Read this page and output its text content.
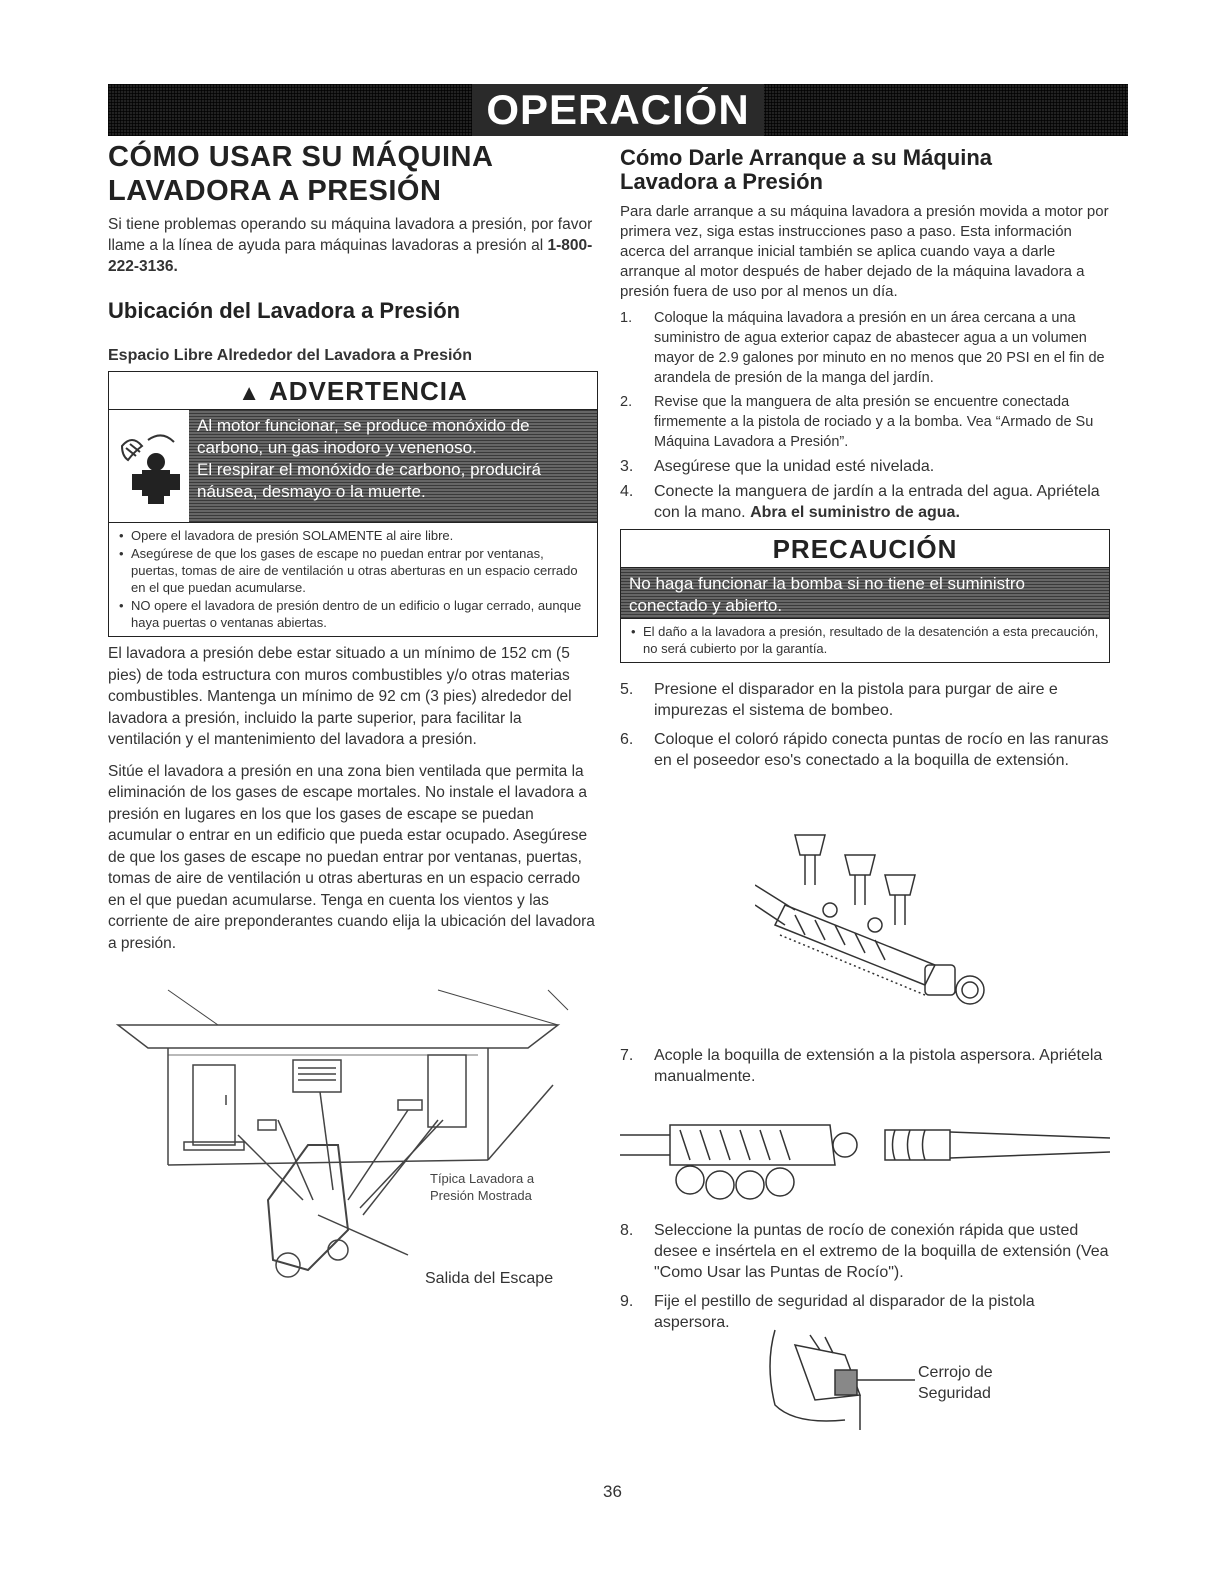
OPERACIÓN
CÓMO USAR SU MÁQUINA
LAVADORA A PRESIÓN
Si tiene problemas operando su máquina lavadora a presión, por favor llame a la línea de ayuda para máquinas lavadoras a presión al 1-800-222-3136.
Ubicación del Lavadora a Presión
Espacio Libre Alrededor del Lavadora a Presión
▲ ADVERTENCIA
Al motor funcionar, se produce monóxido de carbono, un gas inodoro y venenoso.
El respirar el monóxido de carbono, producirá náusea, desmayo o la muerte.
• Opere el lavadora de presión SOLAMENTE al aire libre.
• Asegúrese de que los gases de escape no puedan entrar por ventanas, puertas, tomas de aire de ventilación u otras aberturas en un espacio cerrado en el que puedan acumularse.
• NO opere el lavadora de presión dentro de un edificio o lugar cerrado, aunque haya puertas o ventanas abiertas.
El lavadora a presión debe estar situado a un mínimo de 152 cm (5 pies) de toda estructura con muros combustibles y/o otras materias combustibles. Mantenga un mínimo de 92 cm (3 pies) alrededor del lavadora a presión, incluido la parte superior, para facilitar la ventilación y el mantenimiento del lavadora a presión.
Sitúe el lavadora a presión en una zona bien ventilada que permita la eliminación de los gases de escape mortales. No instale el lavadora a presión en lugares en los que los gases de escape se puedan acumular o entrar en un edificio que pueda estar ocupado. Asegúrese de que los gases de escape no puedan entrar por ventanas, puertas, tomas de aire de ventilación u otras aberturas en un espacio cerrado en el que puedan acumularse. Tenga en cuenta los vientos y las corriente de aire preponderantes cuando elija la ubicación del lavadora a presión.
Típica Lavadora a
Presión Mostrada
Salida del Escape
Cómo Darle Arranque a su Máquina
Lavadora a Presión
Para darle arranque a su máquina lavadora a presión movida a motor por primera vez, siga estas instrucciones paso a paso. Esta información acerca del arranque inicial también se aplica cuando vaya a darle arranque al motor después de haber dejado de la máquina lavadora a presión fuera de uso por al menos un día.
1. Coloque la máquina lavadora a presión en un área cercana a una suministro de agua exterior capaz de abastecer agua a un volumen mayor de 2.9 galones por minuto en no menos que 20 PSI en el fin de arandela de presión de la manga del jardín.
2. Revise que la manguera de alta presión se encuentre conectada firmemente a la pistola de rociado y a la bomba. Vea “Armado de Su Máquina Lavadora a Presión”.
3. Asegúrese que la unidad esté nivelada.
4. Conecte la manguera de jardín a la entrada del agua. Apriétela con la mano. Abra el suministro de agua.
PRECAUCIÓN
No haga funcionar la bomba si no tiene el suministro conectado y abierto.
• El daño a la lavadora a presión, resultado de la desatención a esta precaución, no será cubierto por la garantía.
5. Presione el disparador en la pistola para purgar de aire e impurezas el sistema de bombeo.
6. Coloque el coloró rápido conecta puntas de rocío en las ranuras en el poseedor eso's conectado a la boquilla de extensión.
7. Acople la boquilla de extensión a la pistola aspersora. Apriétela manualmente.
8. Seleccione la puntas de rocío de conexión rápida que usted desee e insértela en el extremo de la boquilla de extensión (Vea "Como Usar las Puntas de Rocío").
9. Fije el pestillo de seguridad al disparador de la pistola aspersora.
Cerrojo de
Seguridad
36
